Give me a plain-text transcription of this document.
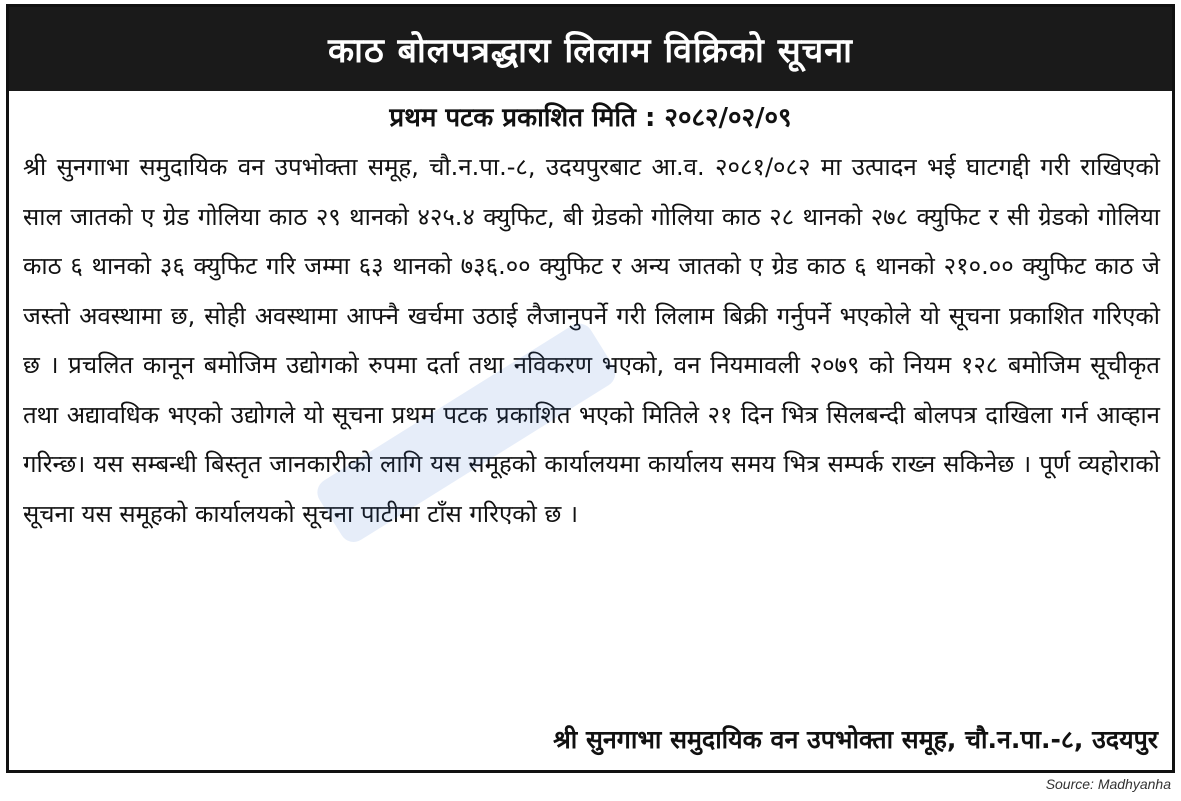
काठ बोलपत्रद्धारा लिलाम विक्रिको सूचना
प्रथम पटक प्रकाशित मिति : २०८२/०२/०९
श्री सुनगाभा समुदायिक वन उपभोक्ता समूह, चौ.न.पा.-८, उदयपुरबाट आ.व. २०८१/०८२ मा उत्पादन भई घाटगद्दी गरी राखिएको साल जातको ए ग्रेड गोलिया काठ २९ थानको ४२५.४ क्युफिट, बी ग्रेडको गोलिया काठ २८ थानको २७८ क्युफिट र सी ग्रेडको गोलिया काठ ६ थानको ३६ क्युफिट गरि जम्मा ६३ थानको ७३६.०० क्युफिट र अन्य जातको ए ग्रेड काठ ६ थानको २१०.०० क्युफिट काठ जे जस्तो अवस्थामा छ, सोही अवस्थामा आफ्नै खर्चमा उठाई लैजानुपर्ने गरी लिलाम बिक्री गर्नुपर्ने भएकोले यो सूचना प्रकाशित गरिएको छ । प्रचलित कानून बमोजिम उद्योगको रुपमा दर्ता तथा नविकरण भएको, वन नियमावली २०७९ को नियम १२८ बमोजिम सूचीकृत तथा अद्यावधिक भएको उद्योगले यो सूचना प्रथम पटक प्रकाशित भएको मितिले २१ दिन भित्र सिलबन्दी बोलपत्र दाखिला गर्न आव्हान गरिन्छ। यस सम्बन्धी बिस्तृत जानकारीको लागि यस समूहको कार्यालयमा कार्यालय समय भित्र सम्पर्क राख्न सकिनेछ । पूर्ण व्यहोराको सूचना यस समूहको कार्यालयको सूचना पाटीमा टाँस गरिएको छ ।
श्री सुनगाभा समुदायिक वन उपभोक्ता समूह, चौ.न.पा.-८, उदयपुर
Source: Madhyanha
